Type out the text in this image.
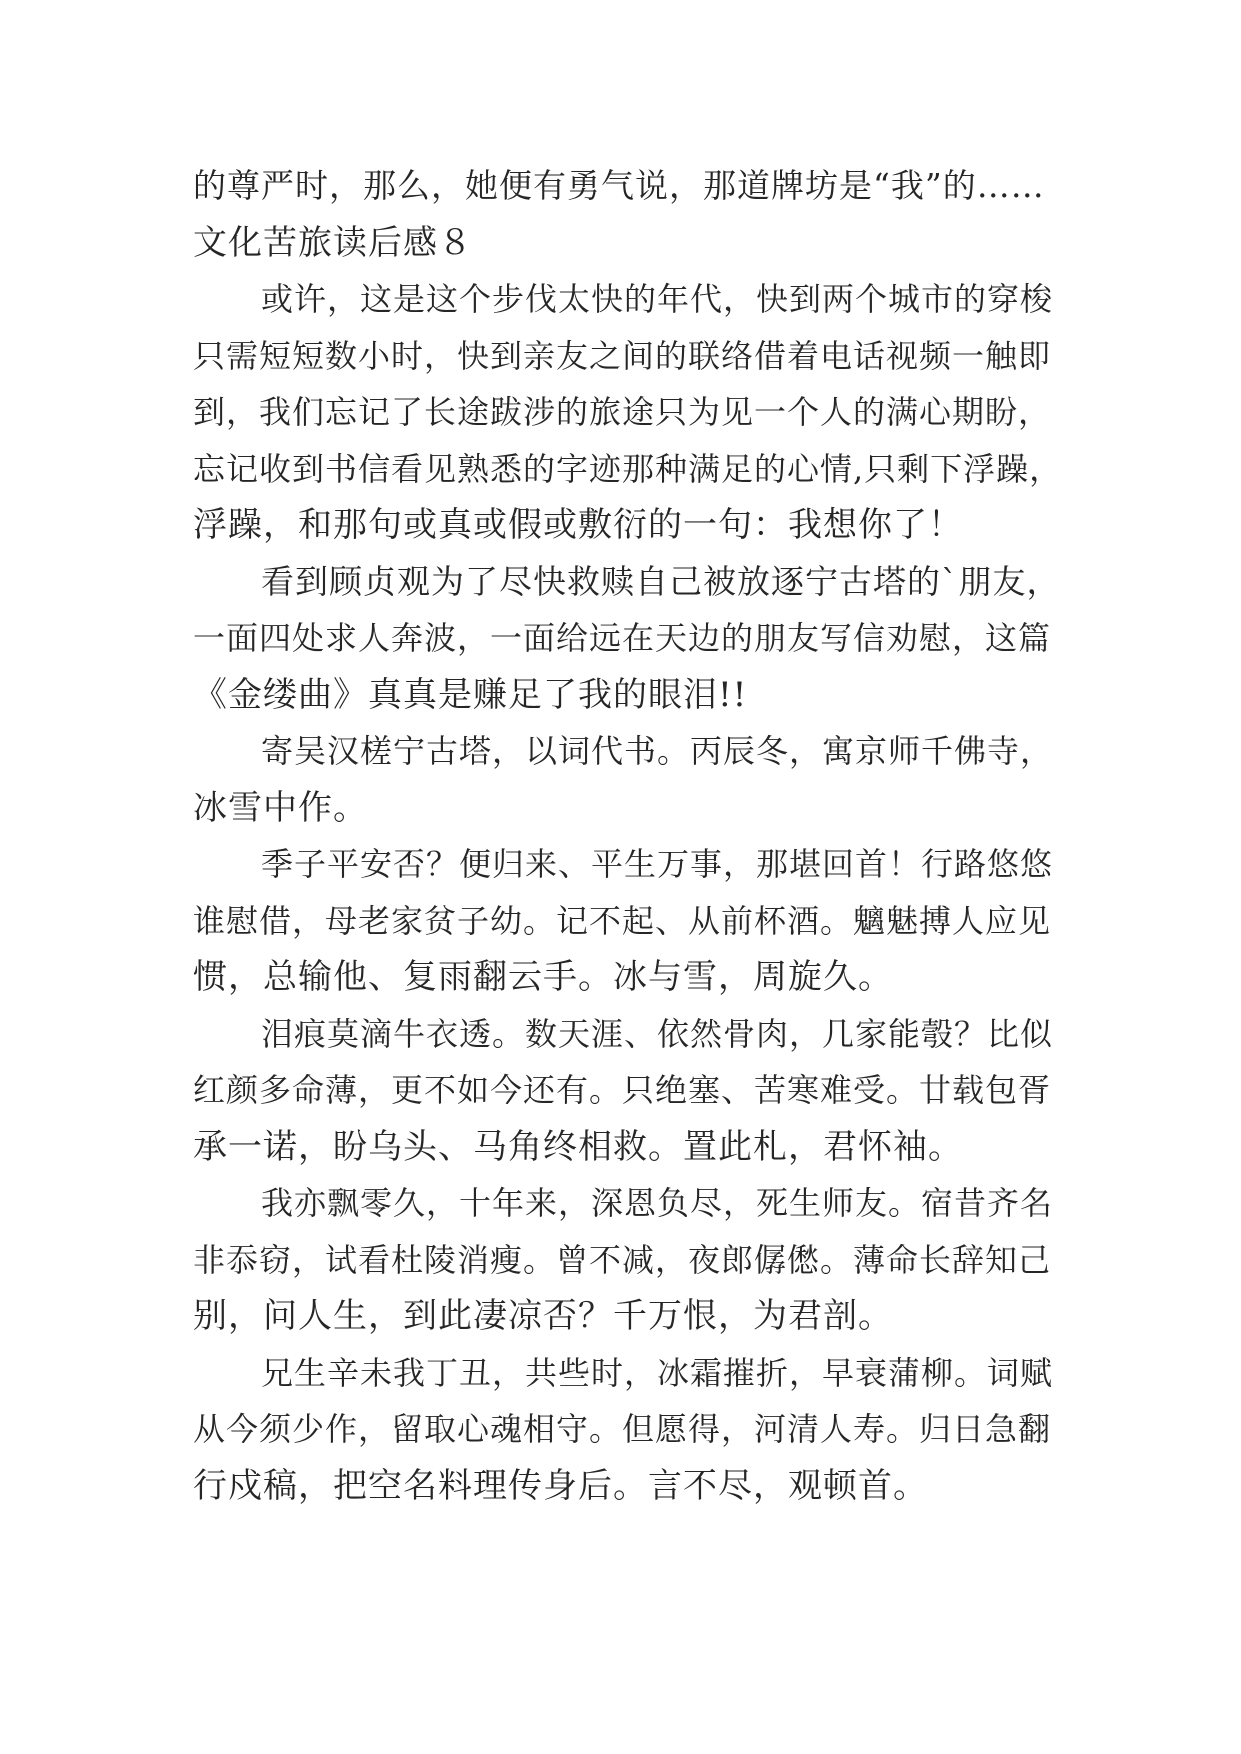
的尊严时，那么，她便有勇气说，那道牌坊是“我”的……
文化苦旅读后感８
或许，这是这个步伐太快的年代，快到两个城市的穿梭
只需短短数小时，快到亲友之间的联络借着电话视频一触即
到，我们忘记了长途跋涉的旅途只为见一个人的满心期盼，
忘记收到书信看见熟悉的字迹那种满足的心情,只剩下浮躁，
浮躁，和那句或真或假或敷衍的一句：我想你了！
看到顾贞观为了尽快救赎自己被放逐宁古塔的`朋友，
一面四处求人奔波，一面给远在天边的朋友写信劝慰，这篇
《金缕曲》真真是赚足了我的眼泪!!
寄吴汉槎宁古塔，以词代书。丙辰冬，寓京师千佛寺，
冰雪中作。
季子平安否？便归来、平生万事，那堪回首！行路悠悠
谁慰借，母老家贫子幼。记不起、从前杯酒。魑魅搏人应见
惯，总输他、复雨翻云手。冰与雪，周旋久。
泪痕莫滴牛衣透。数天涯、依然骨肉，几家能彀？比似
红颜多命薄，更不如今还有。只绝塞、苦寒难受。廿载包胥
承一诺，盼乌头、马角终相救。置此札，君怀袖。
我亦飘零久，十年来，深恩负尽，死生师友。宿昔齐名
非忝窃，试看杜陵消瘦。曾不减，夜郎僝僽。薄命长辞知己
别，问人生，到此凄凉否？千万恨，为君剖。
兄生辛未我丁丑，共些时，冰霜摧折，早衰蒲柳。词赋
从今须少作，留取心魂相守。但愿得，河清人寿。归日急翻
行戍稿，把空名料理传身后。言不尽，观顿首。
